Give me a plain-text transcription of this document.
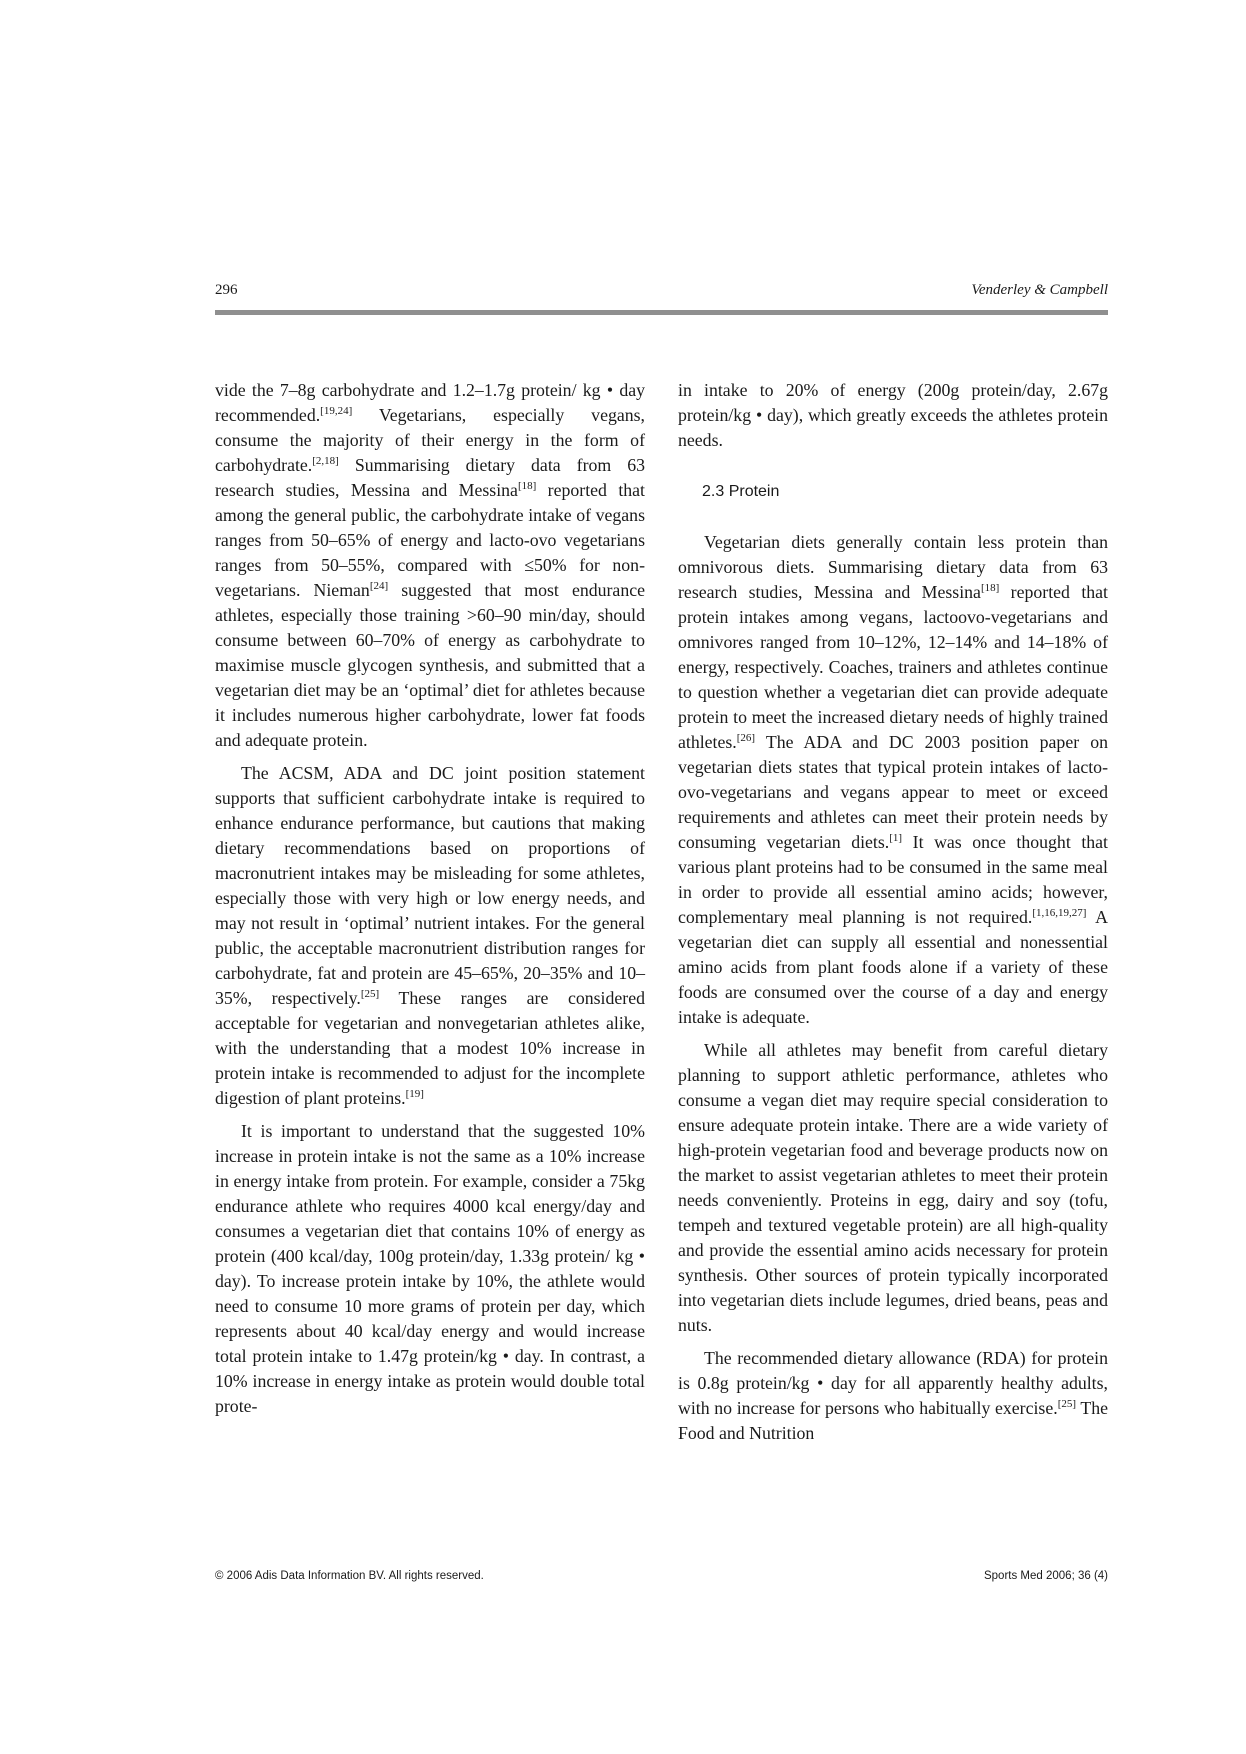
296	Venderley & Campbell

vide the 7–8g carbohydrate and 1.2–1.7g protein/ kg • day recommended.[19,24] Vegetarians, especially vegans, consume the majority of their energy in the form of carbohydrate.[2,18] Summarising dietary data from 63 research studies, Messina and Messina[18] reported that among the general public, the carbohydrate intake of vegans ranges from 50–65% of energy and lacto-ovo vegetarians ranges from 50–55%, compared with ≤50% for non-vegetarians. Nieman[24] suggested that most endurance athletes, especially those training >60–90 min/day, should consume between 60–70% of energy as carbohydrate to maximise muscle glycogen synthesis, and submitted that a vegetarian diet may be an ‘optimal’ diet for athletes because it includes numerous higher carbohydrate, lower fat foods and adequate protein.

The ACSM, ADA and DC joint position statement supports that sufficient carbohydrate intake is required to enhance endurance performance, but cautions that making dietary recommendations based on proportions of macronutrient intakes may be misleading for some athletes, especially those with very high or low energy needs, and may not result in ‘optimal’ nutrient intakes. For the general public, the acceptable macronutrient distribution ranges for carbohydrate, fat and protein are 45–65%, 20–35% and 10–35%, respectively.[25] These ranges are considered acceptable for vegetarian and nonvegetarian athletes alike, with the understanding that a modest 10% increase in protein intake is recommended to adjust for the incomplete digestion of plant proteins.[19]

It is important to understand that the suggested 10% increase in protein intake is not the same as a 10% increase in energy intake from protein. For example, consider a 75kg endurance athlete who requires 4000 kcal energy/day and consumes a vegetarian diet that contains 10% of energy as protein (400 kcal/day, 100g protein/day, 1.33g protein/ kg • day). To increase protein intake by 10%, the athlete would need to consume 10 more grams of protein per day, which represents about 40 kcal/day energy and would increase total protein intake to 1.47g protein/kg • day. In contrast, a 10% increase in energy intake as protein would double total prote-

in intake to 20% of energy (200g protein/day, 2.67g protein/kg • day), which greatly exceeds the athletes protein needs.

2.3 Protein

Vegetarian diets generally contain less protein than omnivorous diets. Summarising dietary data from 63 research studies, Messina and Messina[18] reported that protein intakes among vegans, lactoovo-vegetarians and omnivores ranged from 10–12%, 12–14% and 14–18% of energy, respectively. Coaches, trainers and athletes continue to question whether a vegetarian diet can provide adequate protein to meet the increased dietary needs of highly trained athletes.[26] The ADA and DC 2003 position paper on vegetarian diets states that typical protein intakes of lacto-ovo-vegetarians and vegans appear to meet or exceed requirements and athletes can meet their protein needs by consuming vegetarian diets.[1] It was once thought that various plant proteins had to be consumed in the same meal in order to provide all essential amino acids; however, complementary meal planning is not required.[1,16,19,27] A vegetarian diet can supply all essential and nonessential amino acids from plant foods alone if a variety of these foods are consumed over the course of a day and energy intake is adequate.

While all athletes may benefit from careful dietary planning to support athletic performance, athletes who consume a vegan diet may require special consideration to ensure adequate protein intake. There are a wide variety of high-protein vegetarian food and beverage products now on the market to assist vegetarian athletes to meet their protein needs conveniently. Proteins in egg, dairy and soy (tofu, tempeh and textured vegetable protein) are all high-quality and provide the essential amino acids necessary for protein synthesis. Other sources of protein typically incorporated into vegetarian diets include legumes, dried beans, peas and nuts.

The recommended dietary allowance (RDA) for protein is 0.8g protein/kg • day for all apparently healthy adults, with no increase for persons who habitually exercise.[25] The Food and Nutrition

© 2006 Adis Data Information BV. All rights reserved.	Sports Med 2006; 36 (4)
